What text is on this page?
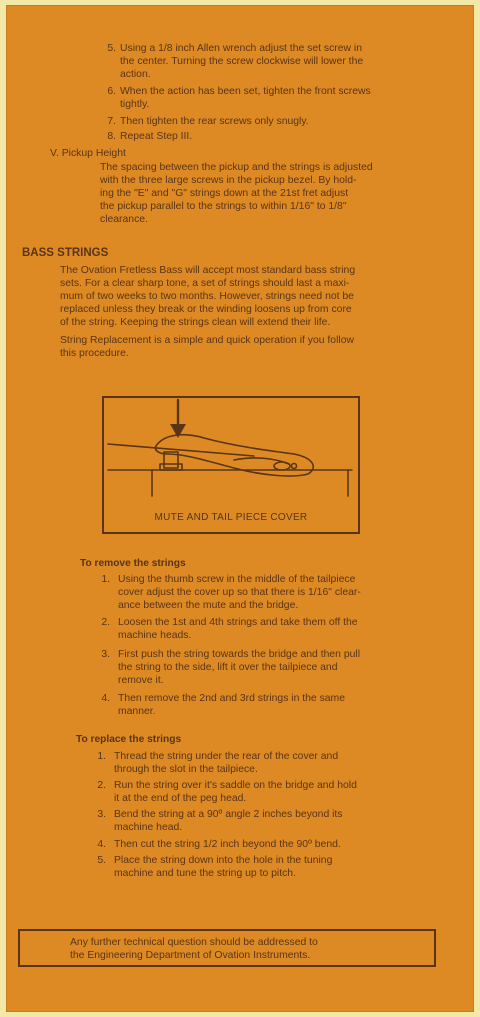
5. Using a 1/8 inch Allen wrench adjust the set screw in
the center. Turning the screw clockwise will lower the
action.
6. When the action has been set, tighten the front screws
tightly.
7. Then tighten the rear screws only snugly.
8. Repeat Step III.
V. Pickup Height
The spacing between the pickup and the strings is adjusted
with the three large screws in the pickup bezel. By hold-
ing the "E" and "G" strings down at the 21st fret adjust
the pickup parallel to the strings to within 1/16" to 1/8"
clearance.
BASS STRINGS
The Ovation Fretless Bass will accept most standard bass string
sets. For a clear sharp tone, a set of strings should last a maxi-
mum of two weeks to two months. However, strings need not be
replaced unless they break or the winding loosens up from core
of the string. Keeping the strings clean will extend their life.
String Replacement is a simple and quick operation if you follow
this procedure.
MUTE AND TAIL PIECE COVER
To remove the strings
1. Using the thumb screw in the middle of the tailpiece
cover adjust the cover up so that there is 1/16" clear-
ance between the mute and the bridge.
2. Loosen the 1st and 4th strings and take them off the
machine heads.
3. First push the string towards the bridge and then pull
the string to the side, lift it over the tailpiece and
remove it.
4. Then remove the 2nd and 3rd strings in the same
manner.
To replace the strings
1. Thread the string under the rear of the cover and
through the slot in the tailpiece.
2. Run the string over it's saddle on the bridge and hold
it at the end of the peg head.
3. Bend the string at a 90º angle 2 inches beyond its
machine head.
4. Then cut the string 1/2 inch beyond the 90º bend.
5. Place the string down into the hole in the tuning
machine and tune the string up to pitch.
Any further technical question should be addressed to
the Engineering Department of Ovation Instruments.
